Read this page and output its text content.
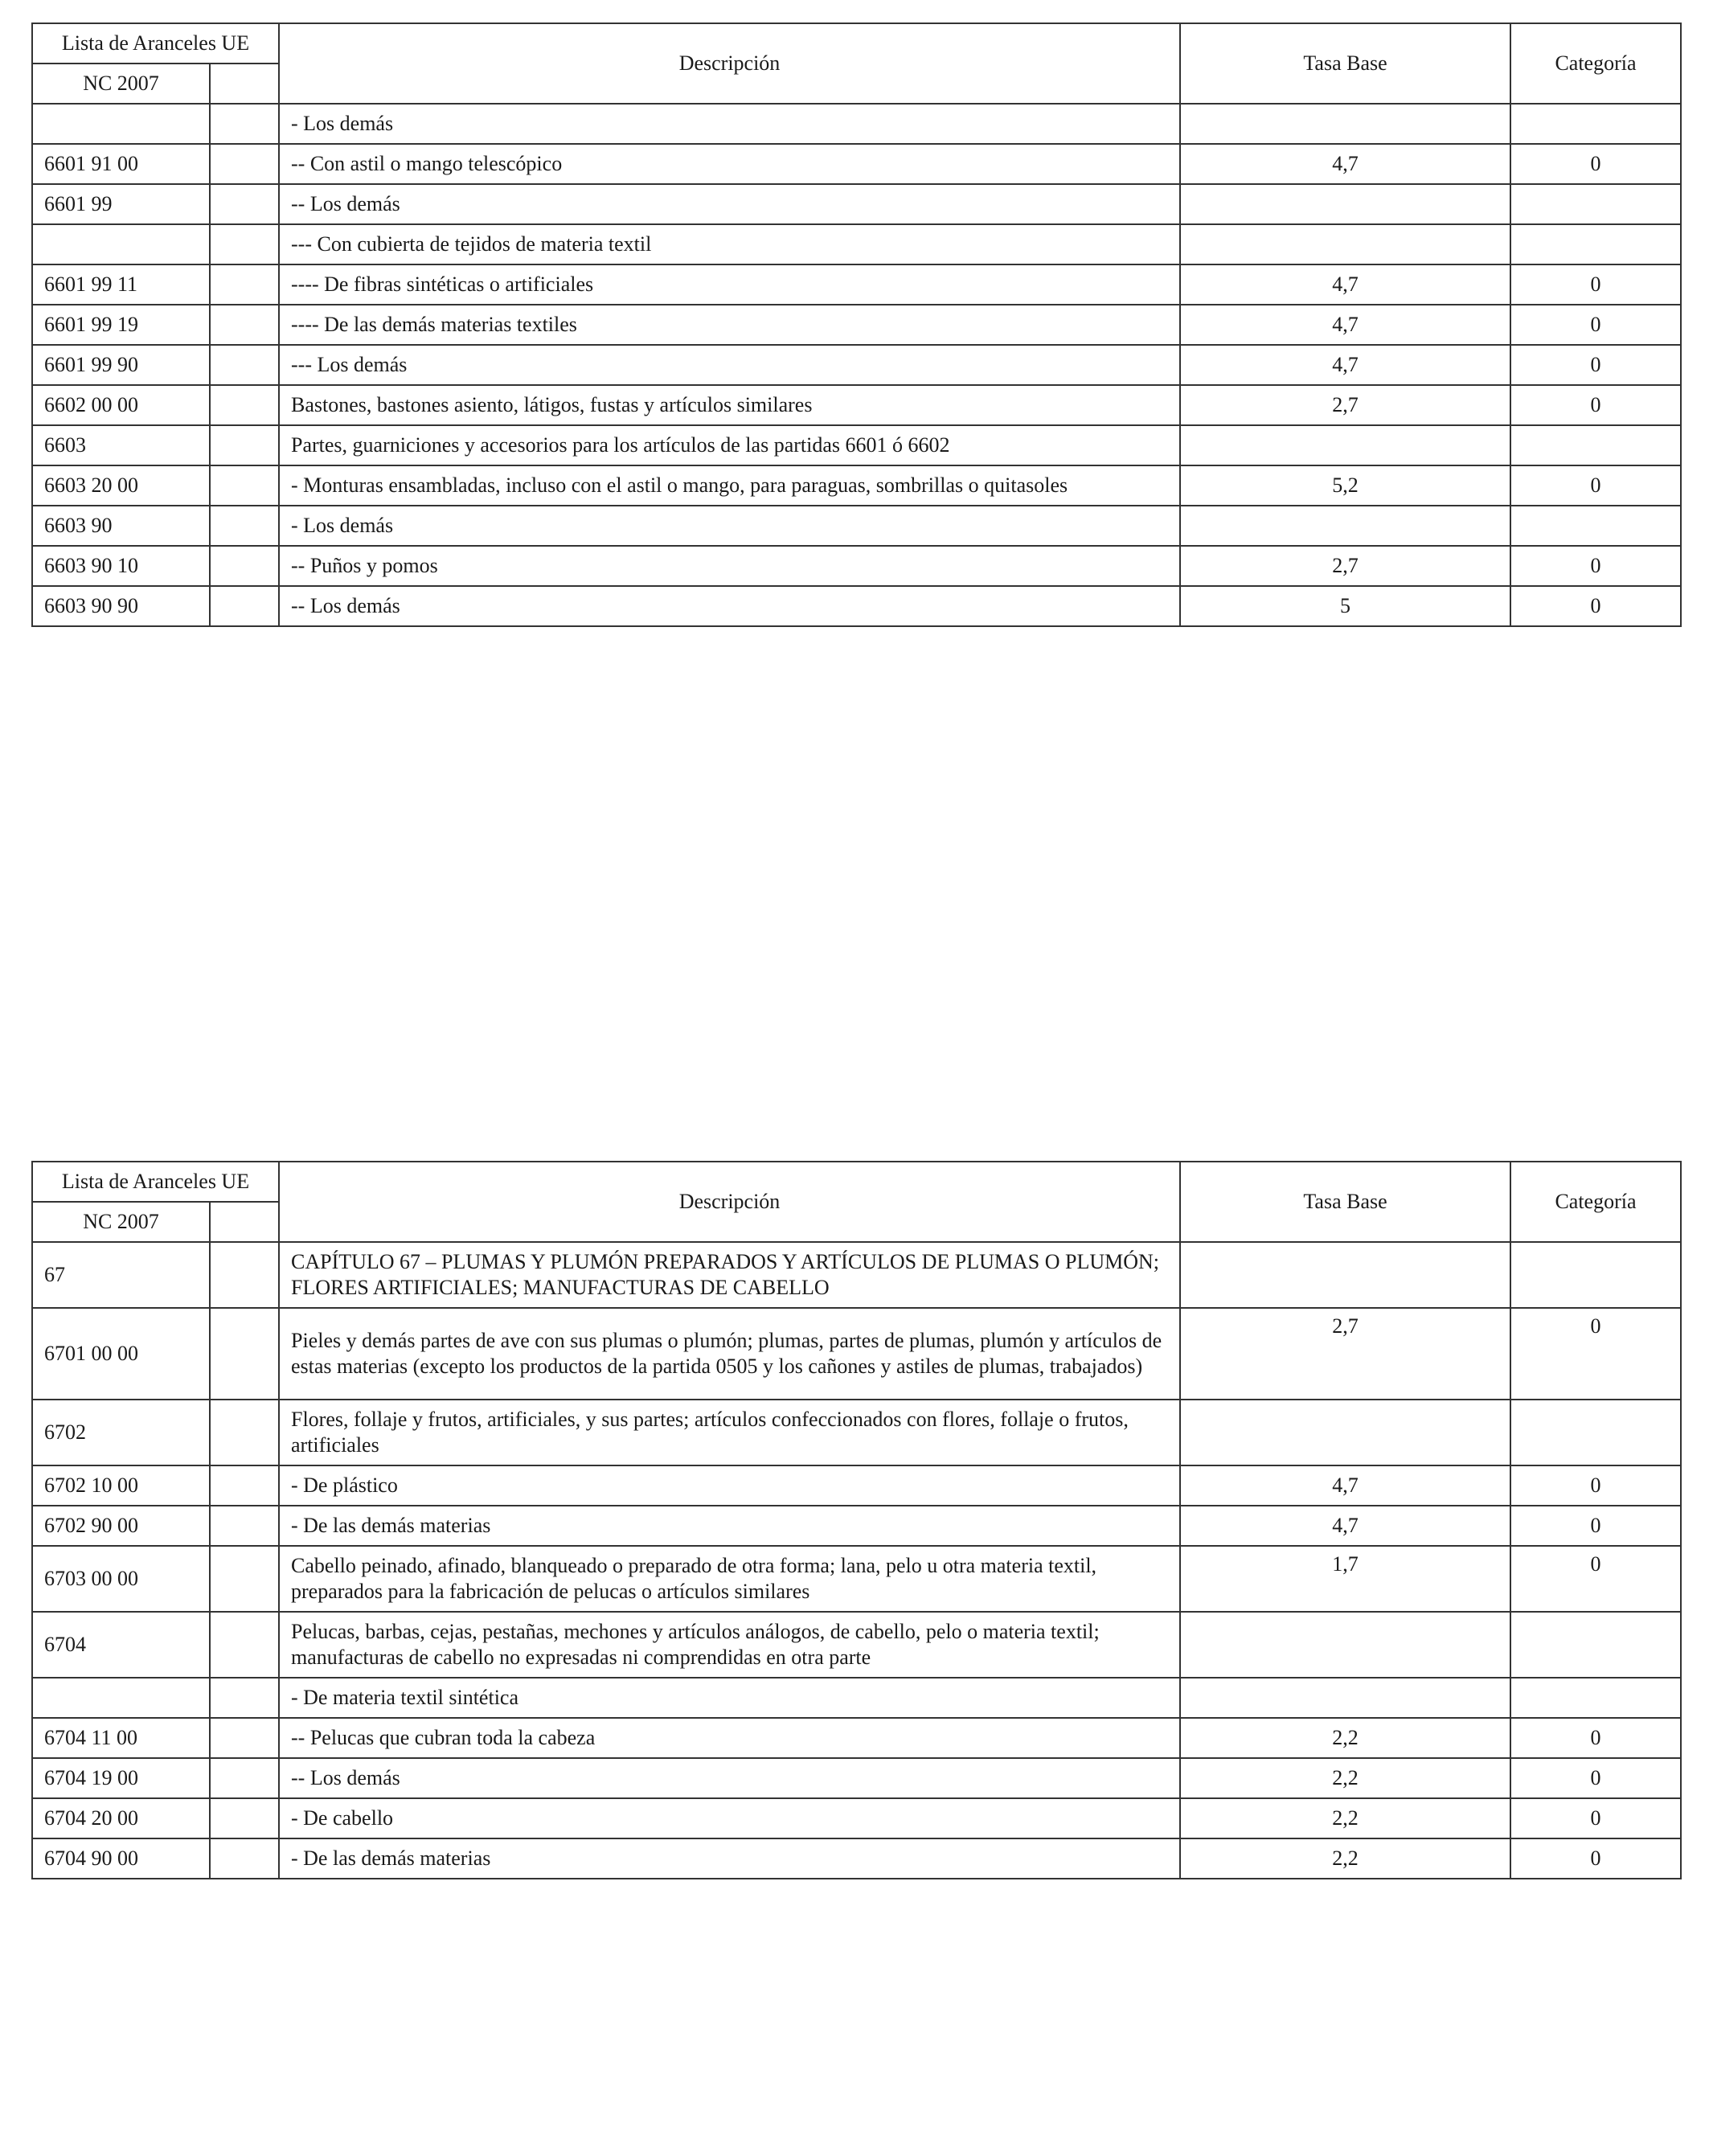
Lista de Aranceles UE		Descripción	Tasa Base	Categoría
NC 2007				
		- Los demás		
6601 91 00		-- Con astil o mango telescópico	4,7	0
6601 99		-- Los demás		
		--- Con cubierta de tejidos de materia textil		
6601 99 11		---- De fibras sintéticas o artificiales	4,7	0
6601 99 19		---- De las demás materias textiles	4,7	0
6601 99 90		--- Los demás	4,7	0
6602 00 00		Bastones, bastones asiento, látigos, fustas y artículos similares	2,7	0
6603		Partes, guarniciones y accesorios para los artículos de las partidas 6601 ó 6602		
6603 20 00		- Monturas ensambladas, incluso con el astil o mango, para paraguas, sombrillas o quitasoles	5,2	0
6603 90		- Los demás		
6603 90 10		-- Puños y pomos	2,7	0
6603 90 90		-- Los demás	5	0
Lista de Aranceles UE		Descripción	Tasa Base	Categoría
NC 2007				
67		CAPÍTULO 67 – PLUMAS Y PLUMÓN PREPARADOS Y ARTÍCULOS DE PLUMAS O PLUMÓN; FLORES ARTIFICIALES; MANUFACTURAS DE CABELLO		
6701 00 00		Pieles y demás partes de ave con sus plumas o plumón; plumas, partes de plumas, plumón y artículos de estas materias (excepto los productos de la partida 0505 y los cañones y astiles de plumas, trabajados)	2,7	0
6702		Flores, follaje y frutos, artificiales, y sus partes; artículos confeccionados con flores, follaje o frutos, artificiales		
6702 10 00		- De plástico	4,7	0
6702 90 00		- De las demás materias	4,7	0
6703 00 00		Cabello peinado, afinado, blanqueado o preparado de otra forma; lana, pelo u otra materia textil, preparados para la fabricación de pelucas o artículos similares	1,7	0
6704		Pelucas, barbas, cejas, pestañas, mechones y artículos análogos, de cabello, pelo o materia textil; manufacturas de cabello no expresadas ni comprendidas en otra parte		
		- De materia textil sintética		
6704 11 00		-- Pelucas que cubran toda la cabeza	2,2	0
6704 19 00		-- Los demás	2,2	0
6704 20 00		- De cabello	2,2	0
6704 90 00		- De las demás materias	2,2	0
